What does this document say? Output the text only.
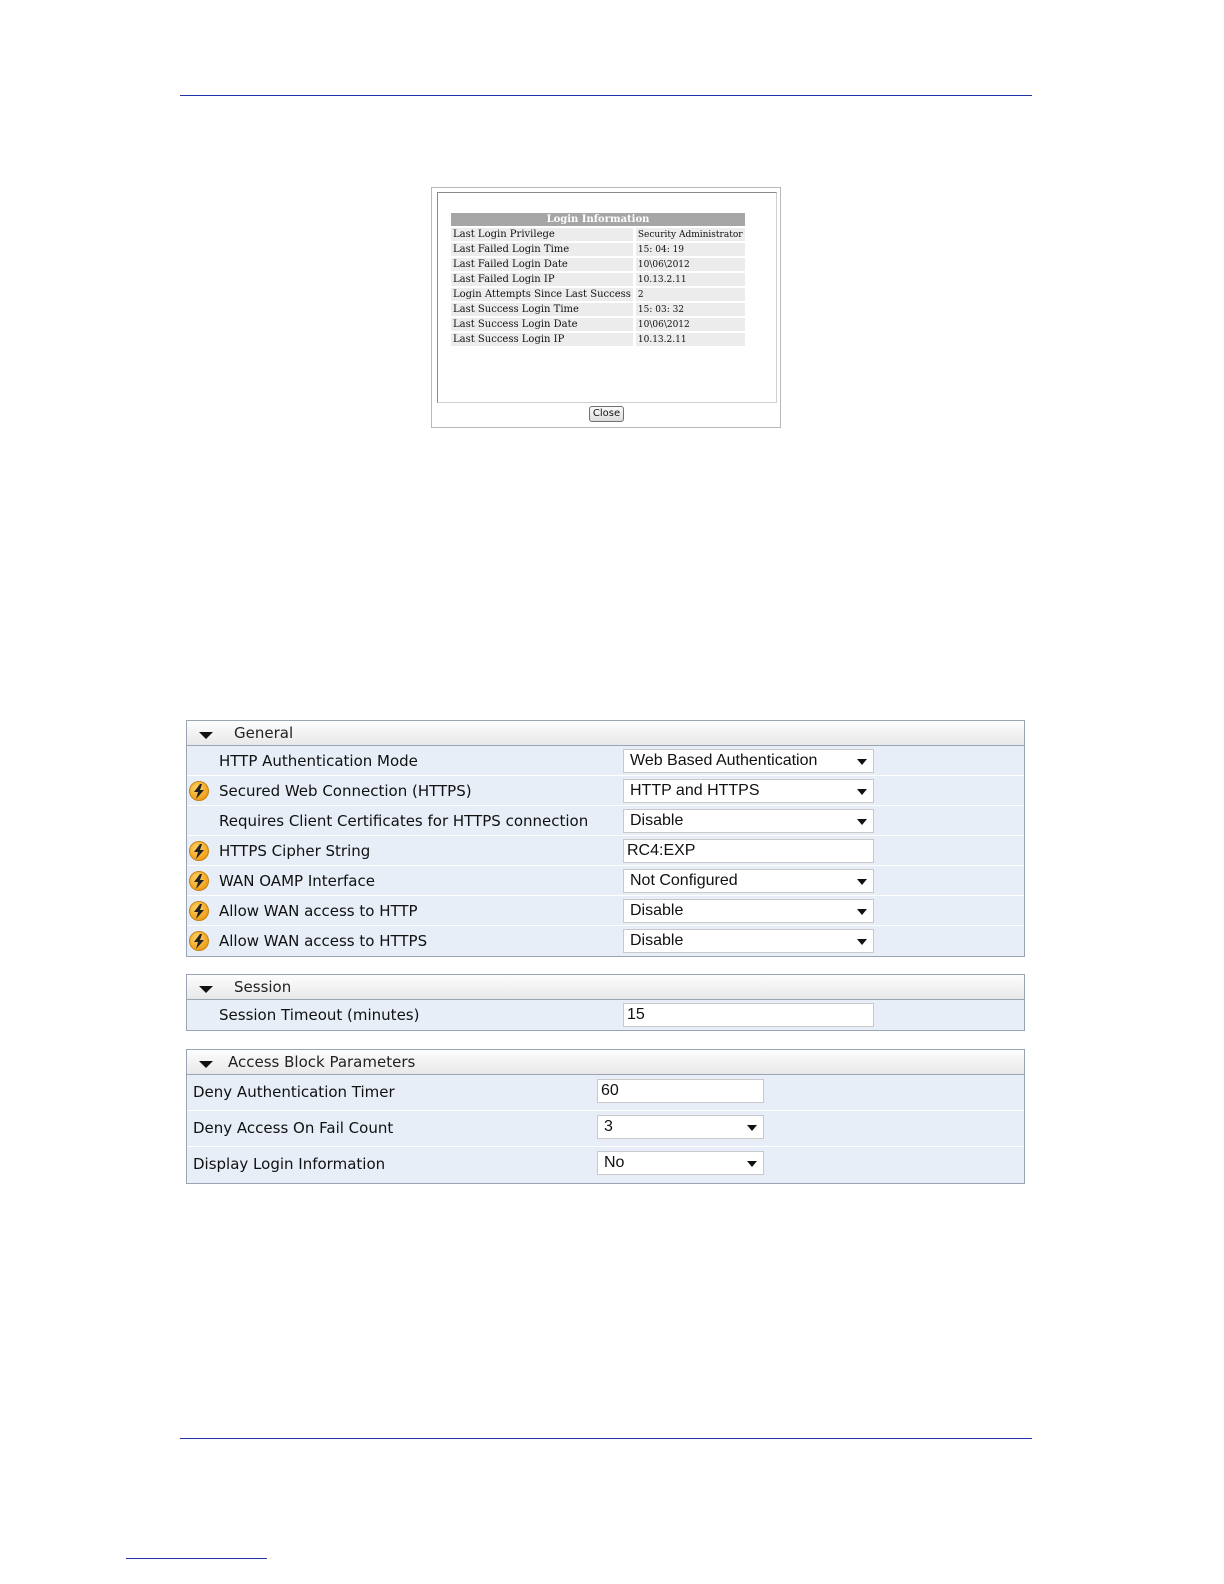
Login Information	
Last Login Privilege	Security Administrator
Last Failed Login Time	15: 04: 19
Last Failed Login Date	10\06\2012
Last Failed Login IP	10.13.2.11
Login Attempts Since Last Success	2
Last Success Login Time	15: 03: 32
Last Success Login Date	10\06\2012
Last Success Login IP	10.13.2.11
Close
General
HTTP Authentication Mode	Web Based Authentication
Secured Web Connection (HTTPS)	HTTP and HTTPS
Requires Client Certificates for HTTPS connection	Disable
HTTPS Cipher String	RC4:EXP
WAN OAMP Interface	Not Configured
Allow WAN access to HTTP	Disable
Allow WAN access to HTTPS	Disable
Session
Session Timeout (minutes)	15
Access Block Parameters
Deny Authentication Timer	60
Deny Access On Fail Count	3
Display Login Information	No
